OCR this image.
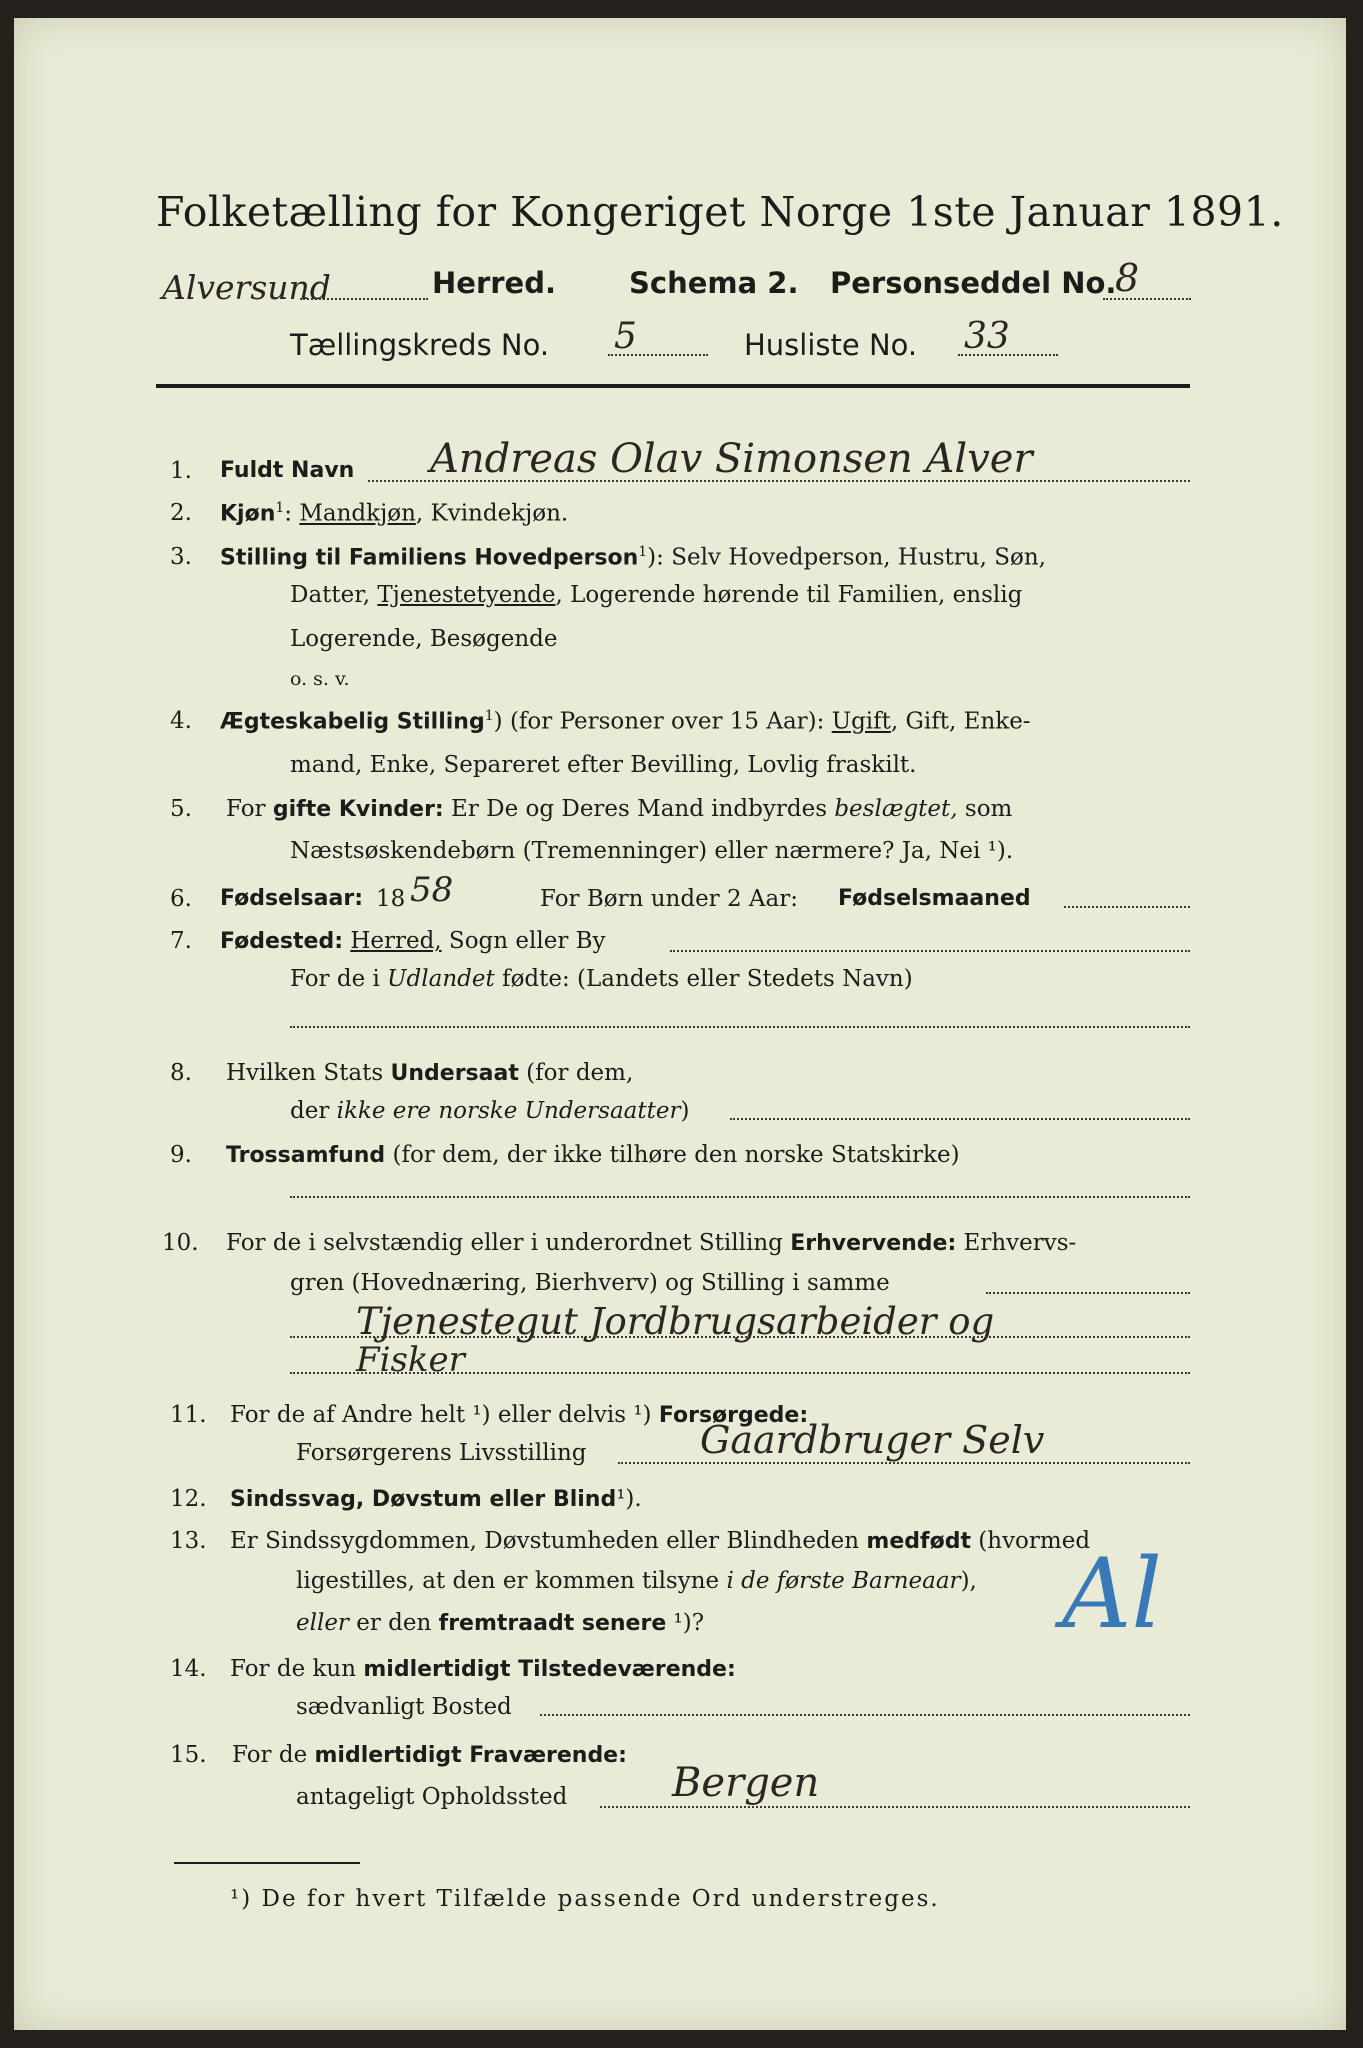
Folketælling for Kongeriget Norge 1ste Januar 1891.
Alversund	Herred.	Schema 2. Personseddel No.
8
Tællingskreds No. 5	Husliste No. 33
1. Fuldt Navn Andreas Olav Simonsen Alver
2. Kjøn$^1$: Mandkjøn, Kvindekjøn.
3. Stilling til Familiens Hovedperson$^1$): Selv Hovedperson, Hustru, Søn,
Datter, Tjenestetyende, Logerende hørende til Familien, enslig
Logerende, Besøgende
o. s. v.
4. Ægteskabelig Stilling$^1$) (for Personer over 15 Aar): Ugift, Gift, Enke-
mand, Enke, Separeret efter Bevilling, Lovlig fraskilt.
5. For gifte Kvinder: Er De og Deres Mand indbyrdes beslægtet, som
Næstsøskendebørn (Tremenninger) eller nærmere? Ja, Nei ¹).
6. Fødselsaar: 18 58	For Børn under 2 Aar: Fødselsmaaned
7. Fødested: Herred, Sogn eller By
For de i Udlandet fødte: (Landets eller Stedets Navn)
8. Hvilken Stats Undersaat (for dem,
der ikke ere norske Undersaatter)
9. Trossamfund (for dem, der ikke tilhøre den norske Statskirke)
10. For de i selvstændig eller i underordnet Stilling Erhvervende: Erhvervs-
gren (Hovednæring, Bierhverv) og Stilling i samme
Tjenestegut Jordbrugsarbeider og
Fisker
11. For de af Andre helt ¹) eller delvis ¹) Forsørgede:
Forsørgerens Livsstilling	Gaardbruger Selv
12. Sindssvag, Døvstum eller Blind¹).
13. Er Sindssygdommen, Døvstumheden eller Blindheden medfødt (hvormed
ligestilles, at den er kommen tilsyne i de første Barneaar),
eller er den fremtraadt senere ¹)?	Al
14. For de kun midlertidigt Tilstedeværende:
sædvanligt Bosted
15. For de midlertidigt Fraværende:
antageligt Opholdssted	Bergen
¹) De for hvert Tilfælde passende Ord understreges.
